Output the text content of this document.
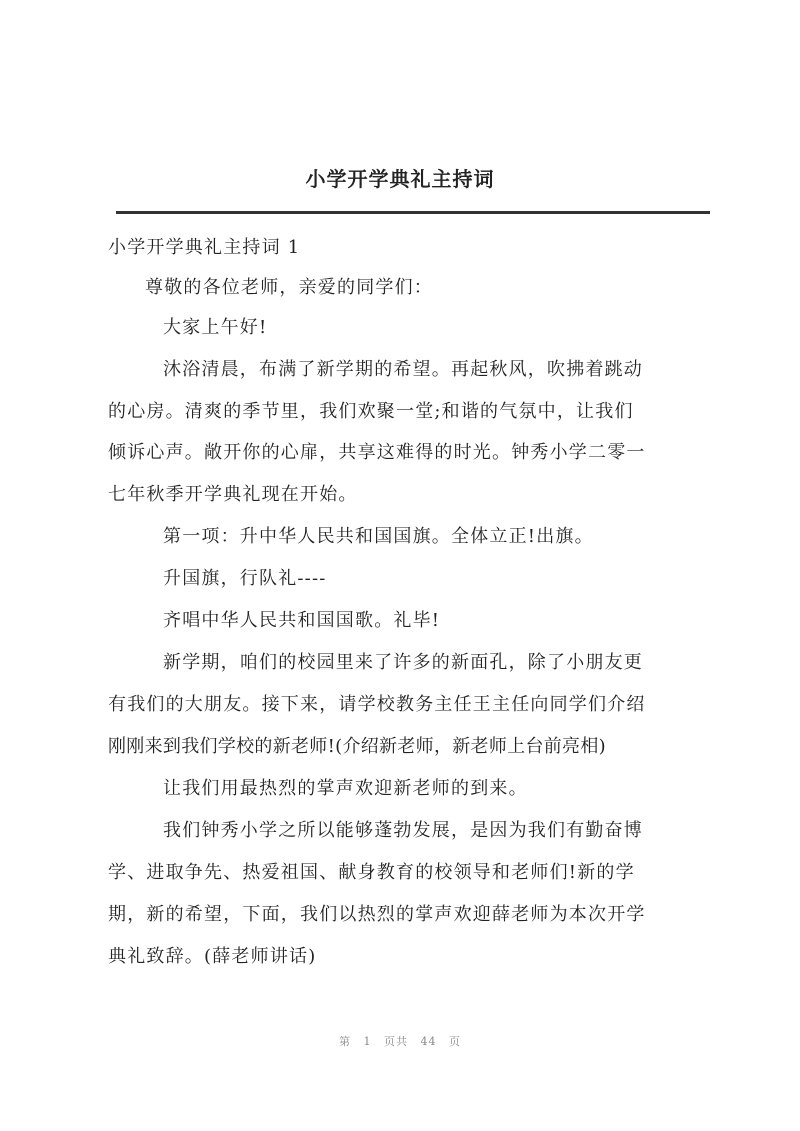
小学开学典礼主持词
小学开学典礼主持词 1
尊敬的各位老师，亲爱的同学们：
大家上午好!
沐浴清晨，布满了新学期的希望。再起秋风，吹拂着跳动
的心房。清爽的季节里，我们欢聚一堂;和谐的气氛中，让我们
倾诉心声。敞开你的心扉，共享这难得的时光。钟秀小学二零一
七年秋季开学典礼现在开始。
第一项：升中华人民共和国国旗。全体立正!出旗。
升国旗，行队礼----
齐唱中华人民共和国国歌。礼毕!
新学期，咱们的校园里来了许多的新面孔，除了小朋友更
有我们的大朋友。接下来，请学校教务主任王主任向同学们介绍
刚刚来到我们学校的新老师!(介绍新老师，新老师上台前亮相)
让我们用最热烈的掌声欢迎新老师的到来。
我们钟秀小学之所以能够蓬勃发展，是因为我们有勤奋博
学、进取争先、热爱祖国、献身教育的校领导和老师们!新的学
期，新的希望，下面，我们以热烈的掌声欢迎薛老师为本次开学
典礼致辞。(薛老师讲话)
第 1 页共 44 页
